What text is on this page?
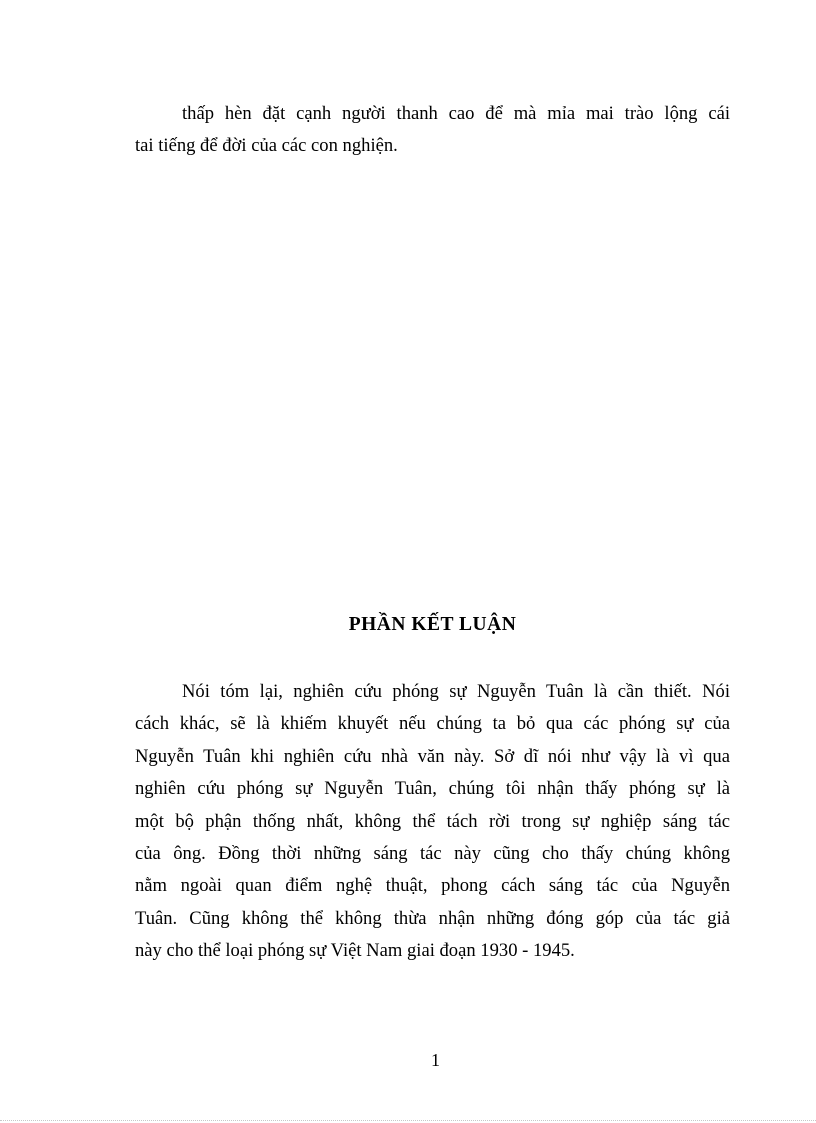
thấp hèn đặt cạnh người thanh cao để mà mỉa mai trào lộng cái
tai tiếng để đời của các con nghiện.
PHẦN KẾT LUẬN
Nói tóm lại, nghiên cứu phóng sự Nguyễn Tuân là cần thiết. Nói
cách khác, sẽ là khiếm khuyết nếu chúng ta bỏ qua các phóng sự của
Nguyễn Tuân khi nghiên cứu nhà văn này. Sở dĩ nói như vậy là vì qua
nghiên cứu phóng sự Nguyễn Tuân, chúng tôi nhận thấy phóng sự là
một bộ phận thống nhất, không thể tách rời trong sự nghiệp sáng tác
của ông. Đồng thời những sáng tác này cũng cho thấy chúng không
nằm ngoài quan điểm nghệ thuật, phong cách sáng tác của Nguyễn
Tuân. Cũng không thể không thừa nhận những đóng góp của tác giả
này cho thể loại phóng sự Việt Nam giai đoạn 1930 - 1945.
1
